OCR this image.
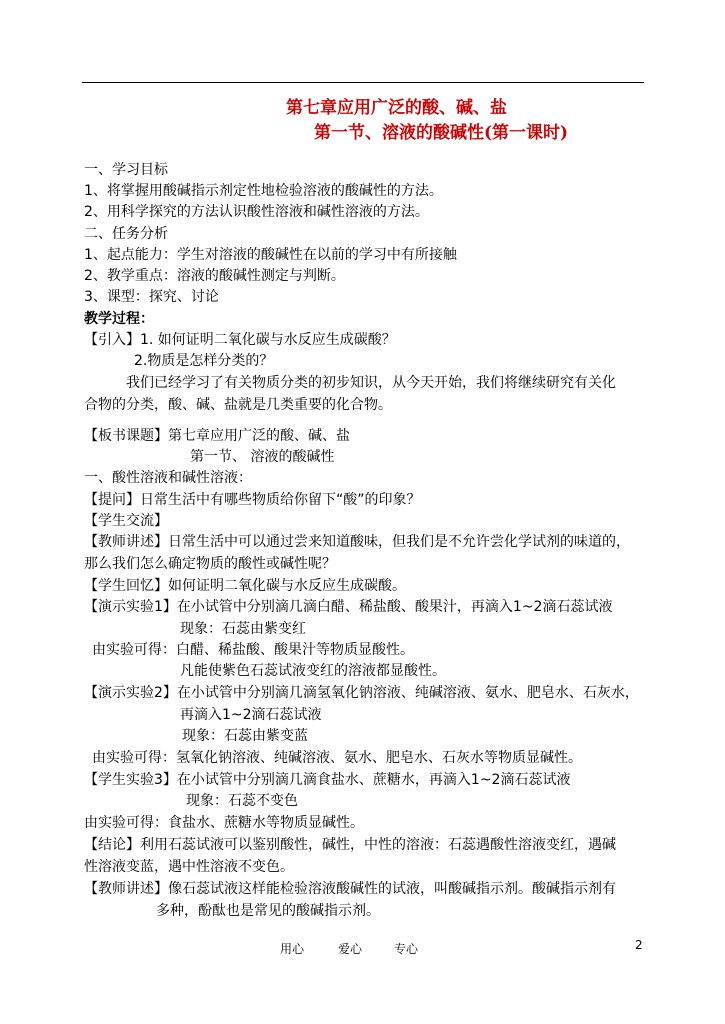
第七章应用广泛的酸、碱、盐
第一节、溶液的酸碱性(第一课时)
一、学习目标
1、将掌握用酸碱指示剂定性地检验溶液的酸碱性的方法。
2、用科学探究的方法认识酸性溶液和碱性溶液的方法。
二、任务分析
1、起点能力：学生对溶液的酸碱性在以前的学习中有所接触
2、教学重点：溶液的酸碱性测定与判断。
3、课型：探究、讨论
教学过程：
【引入】1. 如何证明二氧化碳与水反应生成碳酸？
2.物质是怎样分类的？
我们已经学习了有关物质分类的初步知识，从今天开始，我们将继续研究有关化
合物的分类，酸、碱、盐就是几类重要的化合物。
【板书课题】第七章应用广泛的酸、碱、盐
第一节、 溶液的酸碱性
一、酸性溶液和碱性溶液：
【提问】日常生活中有哪些物质给你留下“酸”的印象？
【学生交流】
【教师讲述】日常生活中可以通过尝来知道酸味，但我们是不允许尝化学试剂的味道的，
那么我们怎么确定物质的酸性或碱性呢？
【学生回忆】如何证明二氧化碳与水反应生成碳酸。
【演示实验1】在小试管中分别滴几滴白醋、稀盐酸、酸果汁，再滴入1~2滴石蕊试液
现象：石蕊由紫变红
由实验可得：白醋、稀盐酸、酸果汁等物质显酸性。
凡能使紫色石蕊试液变红的溶液都显酸性。
【演示实验2】在小试管中分别滴几滴氢氧化钠溶液、纯碱溶液、氨水、肥皂水、石灰水，
再滴入1~2滴石蕊试液
现象：石蕊由紫变蓝
由实验可得：氢氧化钠溶液、纯碱溶液、氨水、肥皂水、石灰水等物质显碱性。
【学生实验3】在小试管中分别滴几滴食盐水、蔗糖水，再滴入1~2滴石蕊试液
现象：石蕊不变色
由实验可得：食盐水、蔗糖水等物质显碱性。
【结论】利用石蕊试液可以鉴别酸性，碱性，中性的溶液：石蕊遇酸性溶液变红，遇碱
性溶液变蓝，遇中性溶液不变色。
【教师讲述】像石蕊试液这样能检验溶液酸碱性的试液，叫酸碱指示剂。酸碱指示剂有
多种，酚酞也是常见的酸碱指示剂。
用心	爱心	专心	2
